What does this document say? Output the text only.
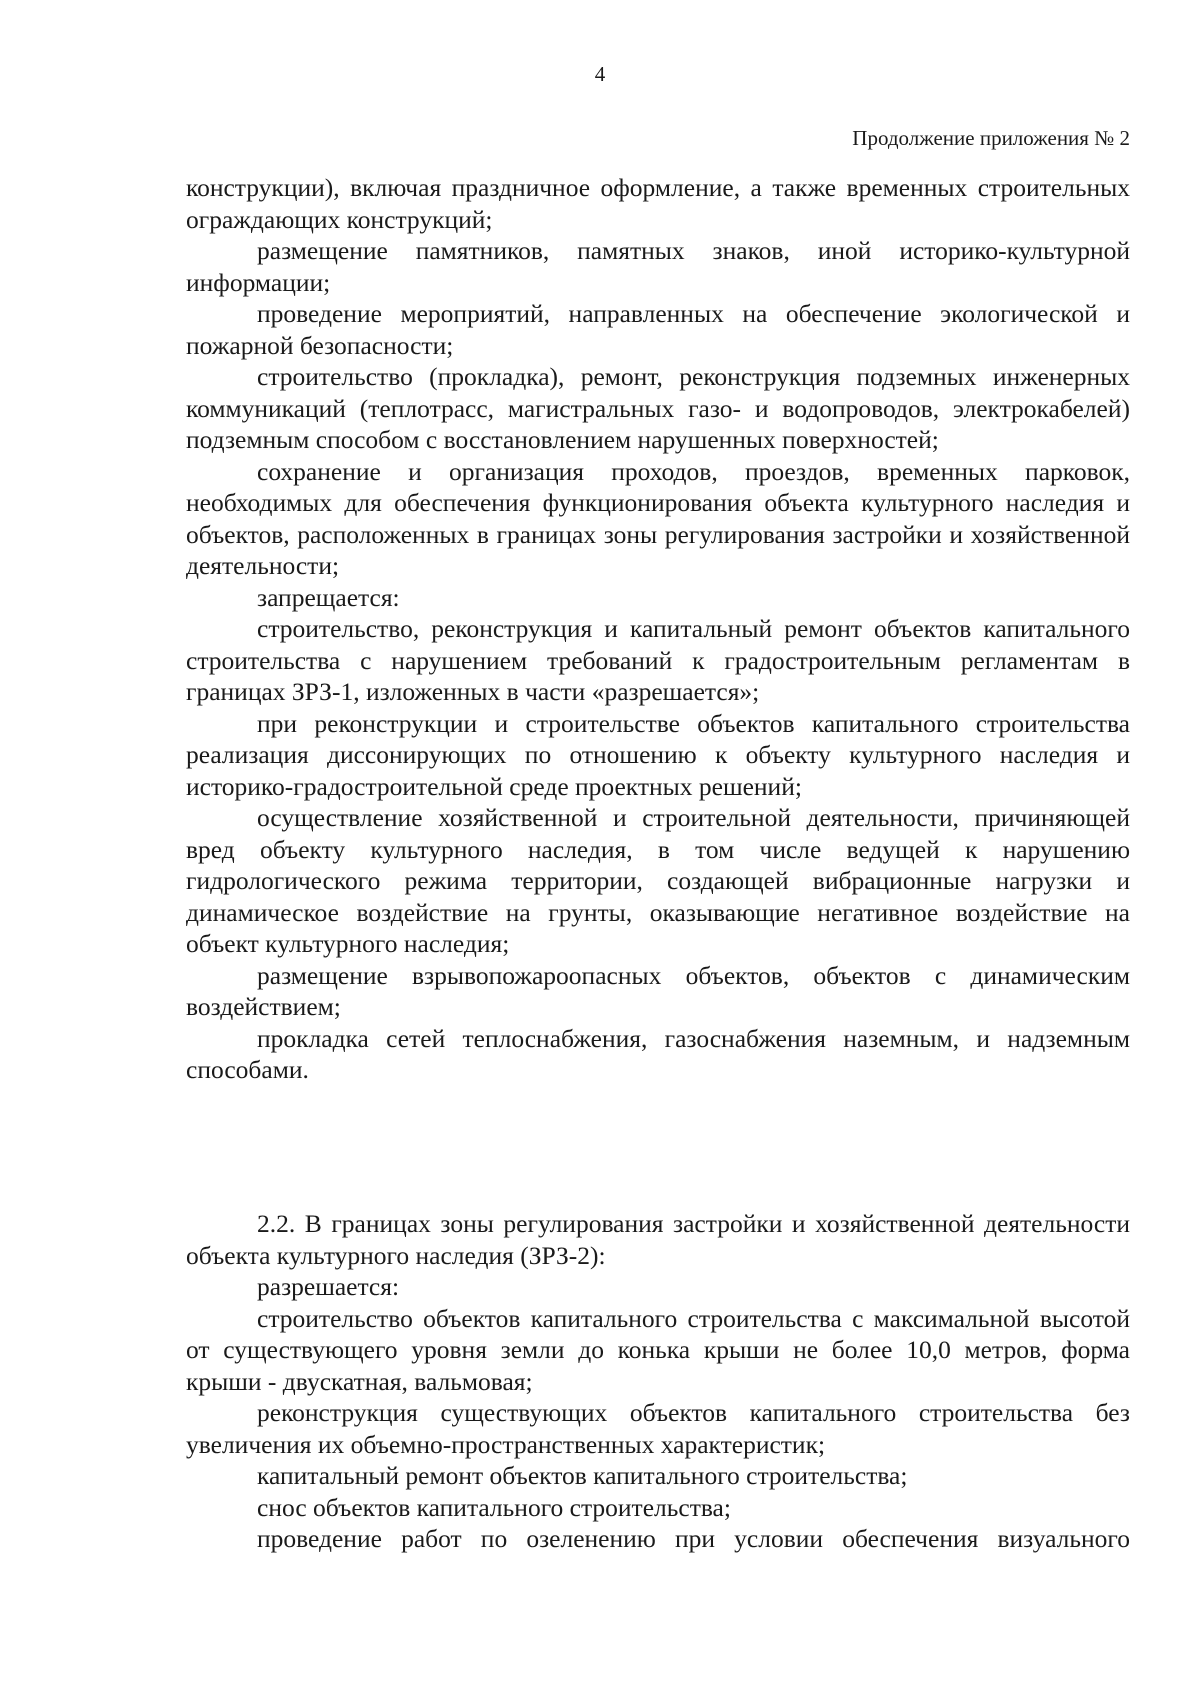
4
Продолжение приложения № 2

конструкции), включая праздничное оформление, а также временных строительных ограждающих конструкций;

размещение памятников, памятных знаков, иной историко-культурной информации;

проведение мероприятий, направленных на обеспечение экологической и пожарной безопасности;

строительство (прокладка), ремонт, реконструкция подземных инженерных коммуникаций (теплотрасс, магистральных газо- и водопроводов, электрокабелей) подземным способом с восстановлением нарушенных поверхностей;

сохранение и организация проходов, проездов, временных парковок, необходимых для обеспечения функционирования объекта культурного наследия и объектов, расположенных в границах зоны регулирования застройки и хозяйственной деятельности;

запрещается:

строительство, реконструкция и капитальный ремонт объектов капитального строительства с нарушением требований к градостроительным регламентам в границах ЗРЗ-1, изложенных в части «разрешается»;

при реконструкции и строительстве объектов капитального строительства реализация диссонирующих по отношению к объекту культурного наследия и историко-градостроительной среде проектных решений;

осуществление хозяйственной и строительной деятельности, причиняющей вред объекту культурного наследия, в том числе ведущей к нарушению гидрологического режима территории, создающей вибрационные нагрузки и динамическое воздействие на грунты, оказывающие негативное воздействие на объект культурного наследия;

размещение взрывопожароопасных объектов, объектов с динамическим воздействием;

прокладка сетей теплоснабжения, газоснабжения наземным, и надземным способами.

2.2. В границах зоны регулирования застройки и хозяйственной деятельности объекта культурного наследия (ЗРЗ-2):

разрешается:

строительство объектов капитального строительства с максимальной высотой от существующего уровня земли до конька крыши не более 10,0 метров, форма крыши - двускатная, вальмовая;

реконструкция существующих объектов капитального строительства без увеличения их объемно-пространственных характеристик;

капитальный ремонт объектов капитального строительства;

снос объектов капитального строительства;

проведение работ по озеленению при условии обеспечения визуального
